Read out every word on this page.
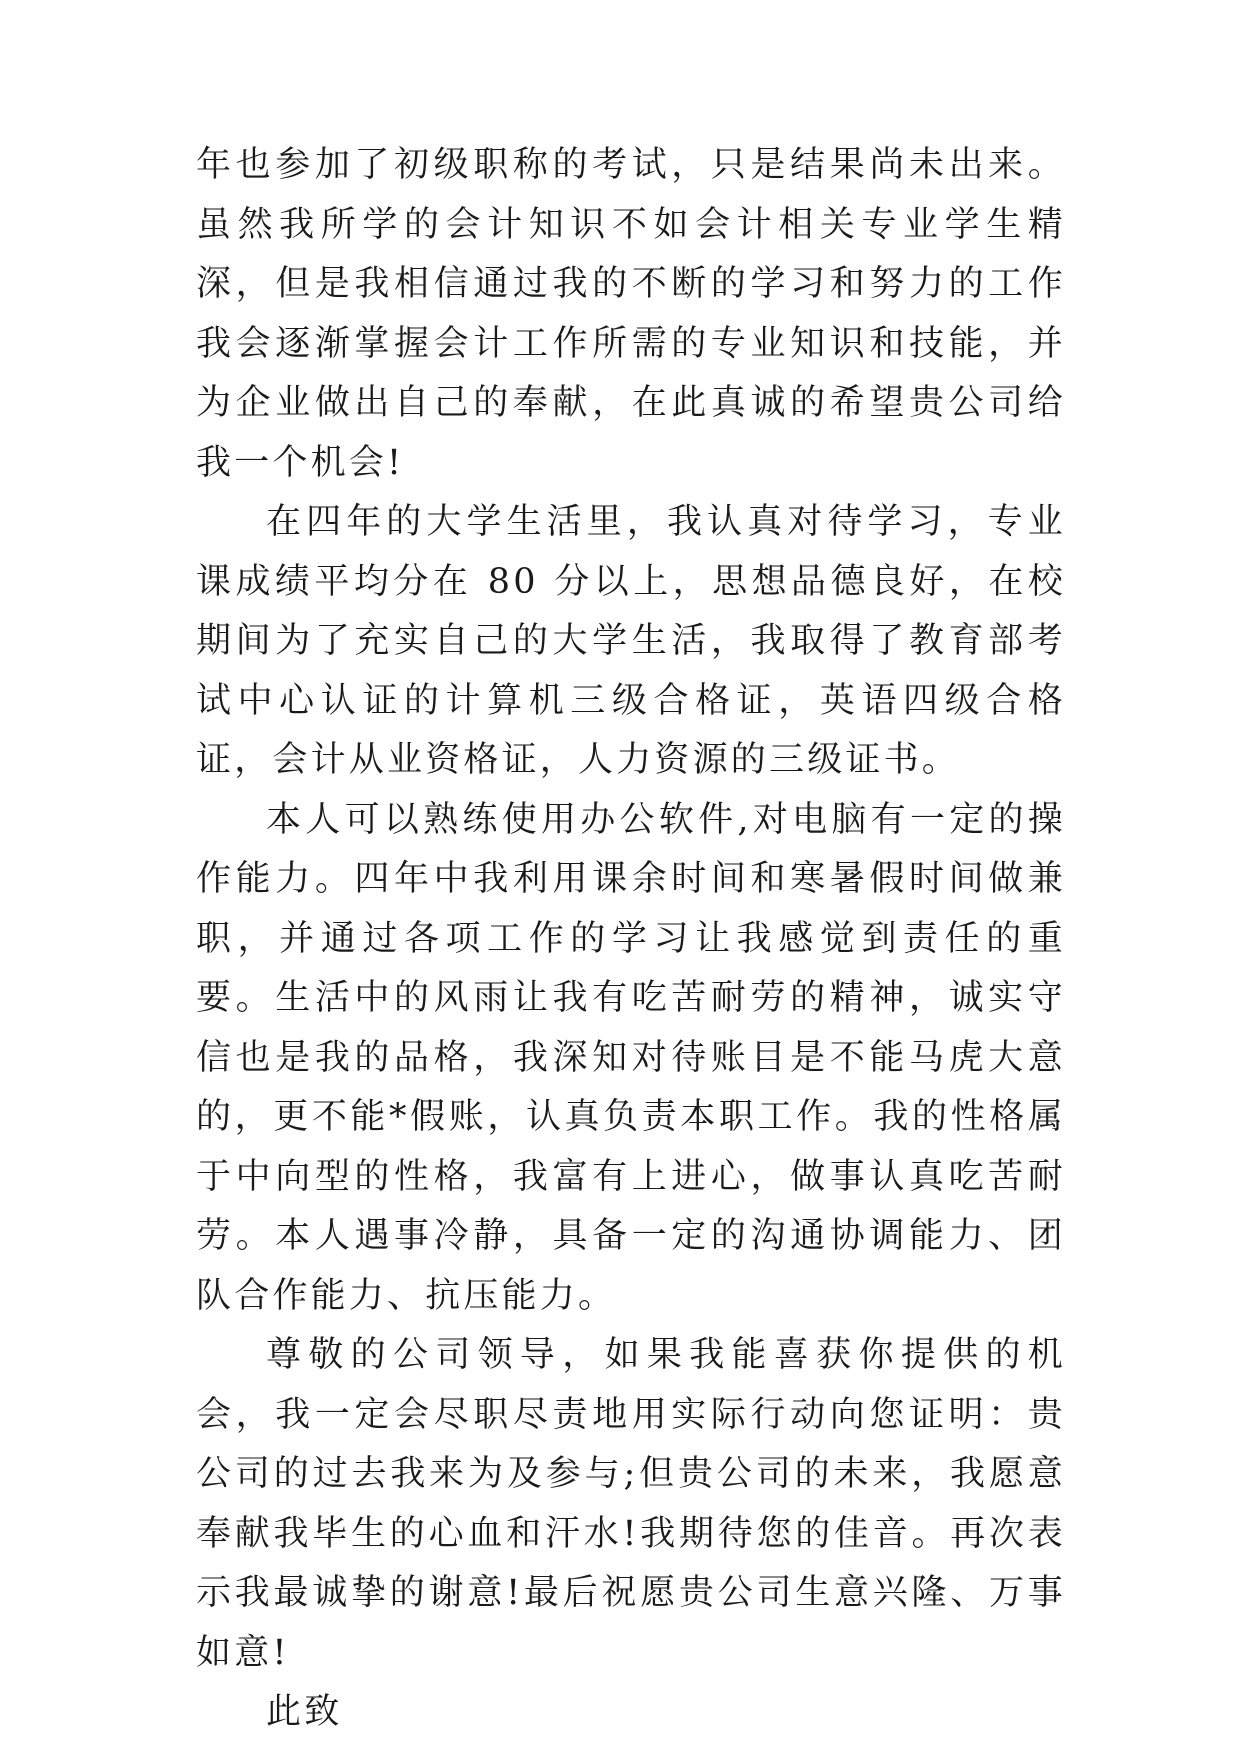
年也参加了初级职称的考试，只是结果尚未出来。虽然我所学的会计知识不如会计相关专业学生精深，但是我相信通过我的不断的学习和努力的工作我会逐渐掌握会计工作所需的专业知识和技能，并为企业做出自己的奉献，在此真诚的希望贵公司给我一个机会!

在四年的大学生活里，我认真对待学习，专业课成绩平均分在 80 分以上，思想品德良好，在校期间为了充实自己的大学生活，我取得了教育部考试中心认证的计算机三级合格证，英语四级合格证，会计从业资格证，人力资源的三级证书。

本人可以熟练使用办公软件,对电脑有一定的操作能力。四年中我利用课余时间和寒暑假时间做兼职，并通过各项工作的学习让我感觉到责任的重要。生活中的风雨让我有吃苦耐劳的精神，诚实守信也是我的品格，我深知对待账目是不能马虎大意的，更不能*假账，认真负责本职工作。我的性格属于中向型的性格，我富有上进心，做事认真吃苦耐劳。本人遇事冷静，具备一定的沟通协调能力、团队合作能力、抗压能力。

尊敬的公司领导，如果我能喜获你提供的机会，我一定会尽职尽责地用实际行动向您证明：贵公司的过去我来为及参与;但贵公司的未来，我愿意奉献我毕生的心血和汗水!我期待您的佳音。再次表示我最诚挚的谢意!最后祝愿贵公司生意兴隆、万事如意!

此致
